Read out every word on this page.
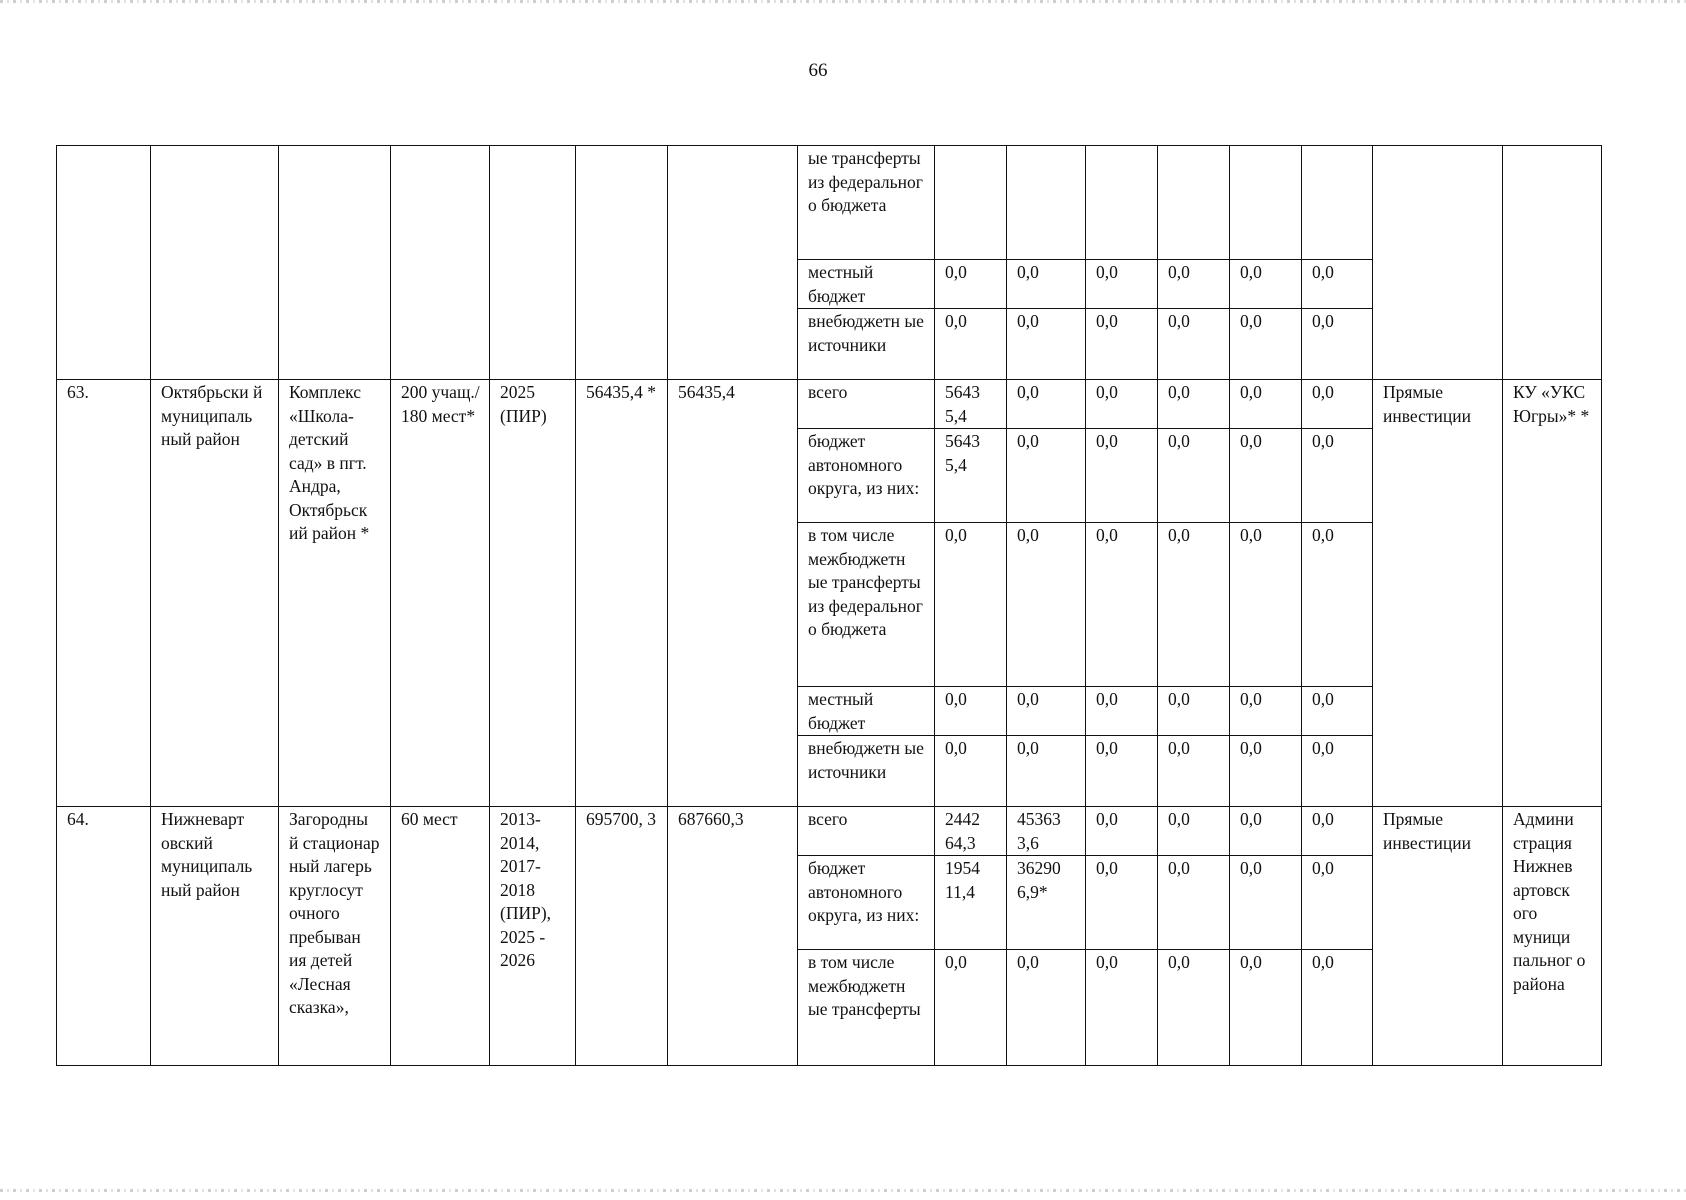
66
							ые трансферты из федеральног о бюджета								
							местный бюджет	0,0	0,0	0,0	0,0	0,0	0,0		
							внебюджетн ые источники	0,0	0,0	0,0	0,0	0,0	0,0		
63.	Октябрьски й муниципаль ный район	Комплекс «Школа-детский сад» в пгт. Андра, Октябрьск ий район *	200 учащ./ 180 мест*	2025 (ПИР)	56435,4 *	56435,4	всего	5643 5,4	0,0	0,0	0,0	0,0	0,0	Прямые инвестиции	КУ «УКС Югры»* *
							бюджет автономного округа, из них:	5643 5,4	0,0	0,0	0,0	0,0	0,0		
							в том числе межбюджетн ые трансферты из федеральног о бюджета	0,0	0,0	0,0	0,0	0,0	0,0		
							местный бюджет	0,0	0,0	0,0	0,0	0,0	0,0		
							внебюджетн ые источники	0,0	0,0	0,0	0,0	0,0	0,0		
64.	Нижневарт овский муниципаль ный район	Загородны й стационар ный лагерь круглосут очного пребыван ия детей «Лесная сказка»,	60 мест	2013- 2014, 2017- 2018 (ПИР), 2025 - 2026	695700, 3	687660,3	всего	2442 64,3	45363 3,6	0,0	0,0	0,0	0,0	Прямые инвестиции	Админи страция Нижнев артовск ого муници пальног о района
							бюджет автономного округа, из них:	1954 11,4	36290 6,9*	0,0	0,0	0,0	0,0		
							в том числе межбюджетн ые трансферты	0,0	0,0	0,0	0,0	0,0	0,0		
